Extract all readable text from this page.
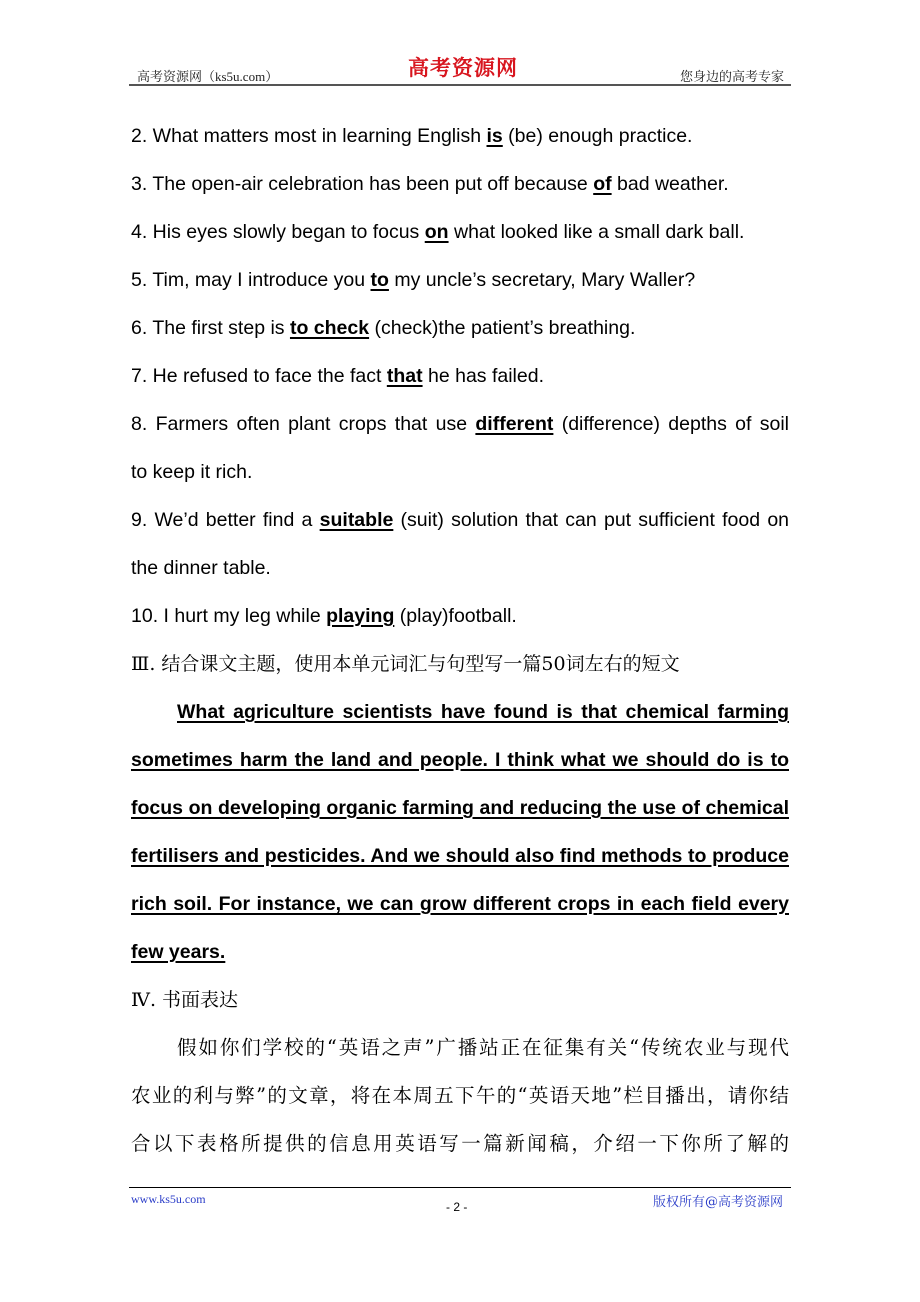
高考资源网（ks5u.com）	高考资源网	您身边的高考专家
2. What matters most in learning English is (be) enough practice.
3. The open-air celebration has been put off because of bad weather.
4. His eyes slowly began to focus on what looked like a small dark ball.
5. Tim, may I introduce you to my uncle’s secretary, Mary Waller?
6. The first step is to check (check)the patient’s breathing.
7. He refused to face the fact that he has failed.
8. Farmers often plant crops that use different (difference) depths of soil
to keep it rich.
9. We’d better find a suitable (suit) solution that can put sufficient food on
the dinner table.
10. I hurt my leg while playing (play)football.
Ⅲ. 结合课文主题，使用本单元词汇与句型写一篇50词左右的短文
What agriculture scientists have found is that chemical farming
sometimes harm the land and people. I think what we should do is to
focus on developing organic farming and reducing the use of chemical
fertilisers and pesticides. And we should also find methods to produce
rich soil. For instance, we can grow different crops in each field every
few years.
Ⅳ. 书面表达
假如你们学校的“英语之声”广播站正在征集有关“传统农业与现代
农业的利与弊”的文章，将在本周五下午的“英语天地”栏目播出，请你结
合以下表格所提供的信息用英语写一篇新闻稿，介绍一下你所了解的
www.ks5u.com
- 2 -	版权所有@高考资源网
